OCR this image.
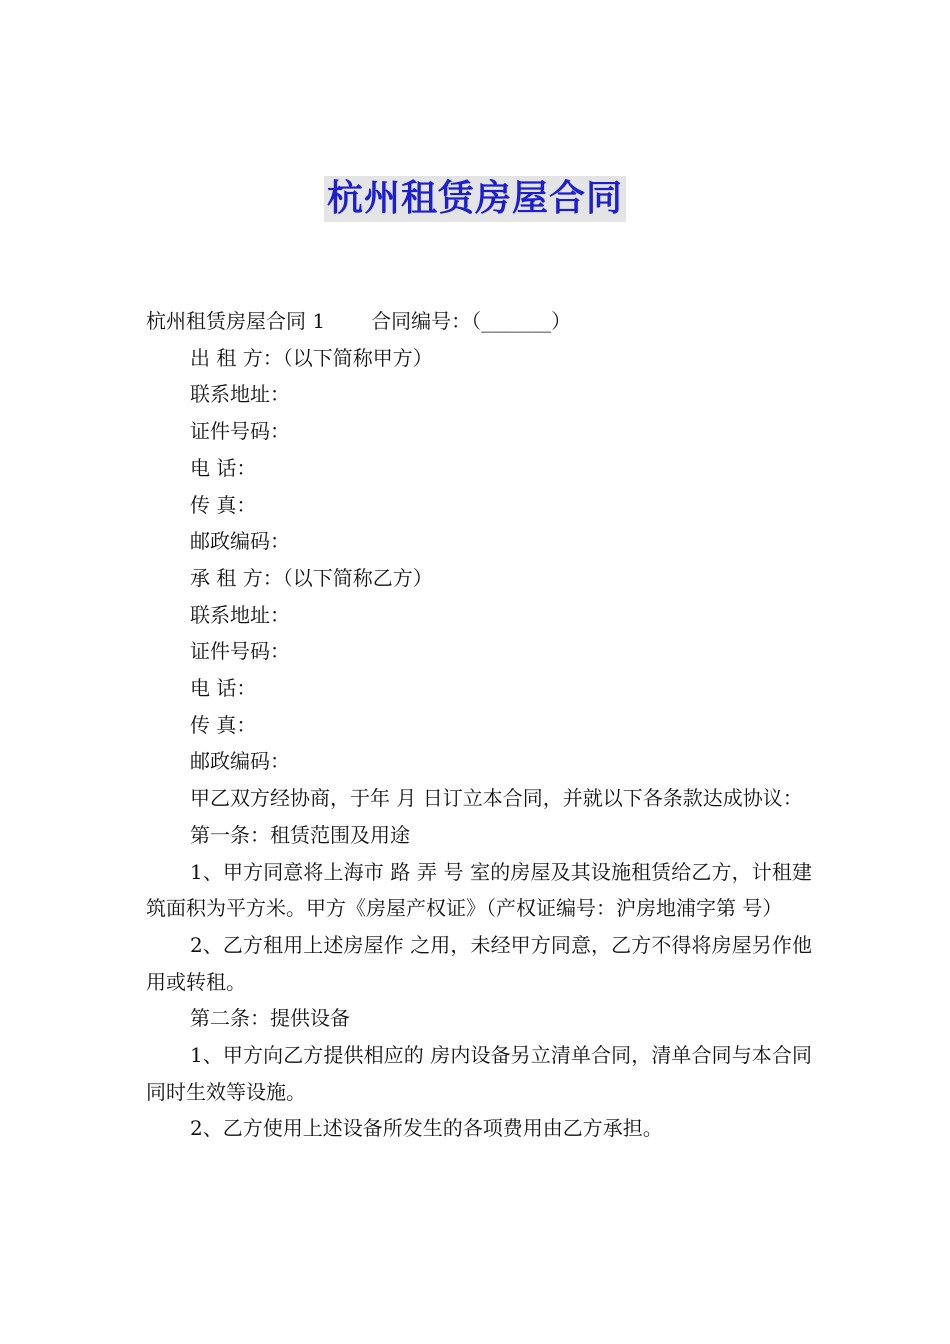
杭州租赁房屋合同
杭州租赁房屋合同 1 合同编号：（_______）
出 租 方：（以下简称甲方）
联系地址：
证件号码：
电 话：
传 真：
邮政编码：
承 租 方：（以下简称乙方）
联系地址：
证件号码：
电 话：
传 真：
邮政编码：
甲乙双方经协商，于年 月 日订立本合同，并就以下各条款达成协议：
第一条：租赁范围及用途
1、甲方同意将上海市 路 弄 号 室的房屋及其设施租赁给乙方，计租建筑面积为平方米。甲方《房屋产权证》（产权证编号：沪房地浦字第 号）
2、乙方租用上述房屋作 之用，未经甲方同意，乙方不得将房屋另作他用或转租。
第二条：提供设备
1、甲方向乙方提供相应的 房内设备另立清单合同，清单合同与本合同同时生效等设施。
2、乙方使用上述设备所发生的各项费用由乙方承担。
